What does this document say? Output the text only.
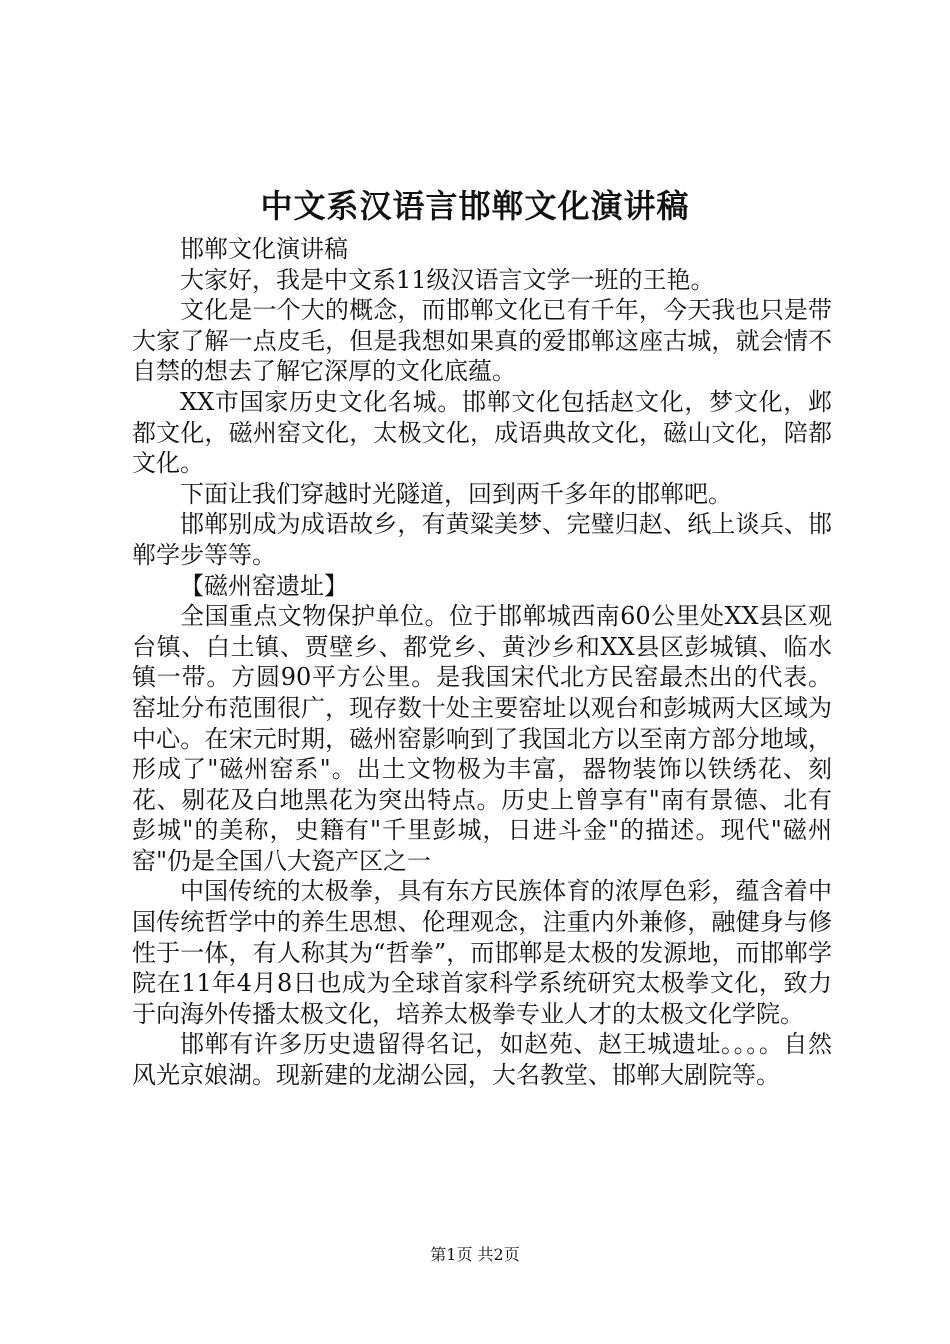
中文系汉语言邯郸文化演讲稿

邯郸文化演讲稿

大家好，我是中文系11级汉语言文学一班的王艳。

文化是一个大的概念，而邯郸文化已有千年，今天我也只是带大家了解一点皮毛，但是我想如果真的爱邯郸这座古城，就会情不自禁的想去了解它深厚的文化底蕴。

XX市国家历史文化名城。邯郸文化包括赵文化，梦文化，邺都文化，磁州窑文化，太极文化，成语典故文化，磁山文化，陪都文化。

下面让我们穿越时光隧道，回到两千多年的邯郸吧。

邯郸别成为成语故乡，有黄粱美梦、完璧归赵、纸上谈兵、邯郸学步等等。

【磁州窑遗址】

全国重点文物保护单位。位于邯郸城西南60公里处XX县区观台镇、白土镇、贾壁乡、都党乡、黄沙乡和XX县区彭城镇、临水镇一带。方圆90平方公里。是我国宋代北方民窑最杰出的代表。窑址分布范围很广，现存数十处主要窑址以观台和彭城两大区域为中心。在宋元时期，磁州窑影响到了我国北方以至南方部分地域，形成了"磁州窑系"。出土文物极为丰富，器物装饰以铁绣花、刻花、剔花及白地黑花为突出特点。历史上曾享有"南有景德、北有彭城"的美称，史籍有"千里彭城，日进斗金"的描述。现代"磁州窑"仍是全国八大瓷产区之一

中国传统的太极拳，具有东方民族体育的浓厚色彩，蕴含着中国传统哲学中的养生思想、伦理观念，注重内外兼修，融健身与修性于一体，有人称其为“哲拳”，而邯郸是太极的发源地，而邯郸学院在11年4月8日也成为全球首家科学系统研究太极拳文化，致力于向海外传播太极文化，培养太极拳专业人才的太极文化学院。

邯郸有许多历史遗留得名记，如赵苑、赵王城遗址。。。。自然风光京娘湖。现新建的龙湖公园，大名教堂、邯郸大剧院等。

第1页 共2页
